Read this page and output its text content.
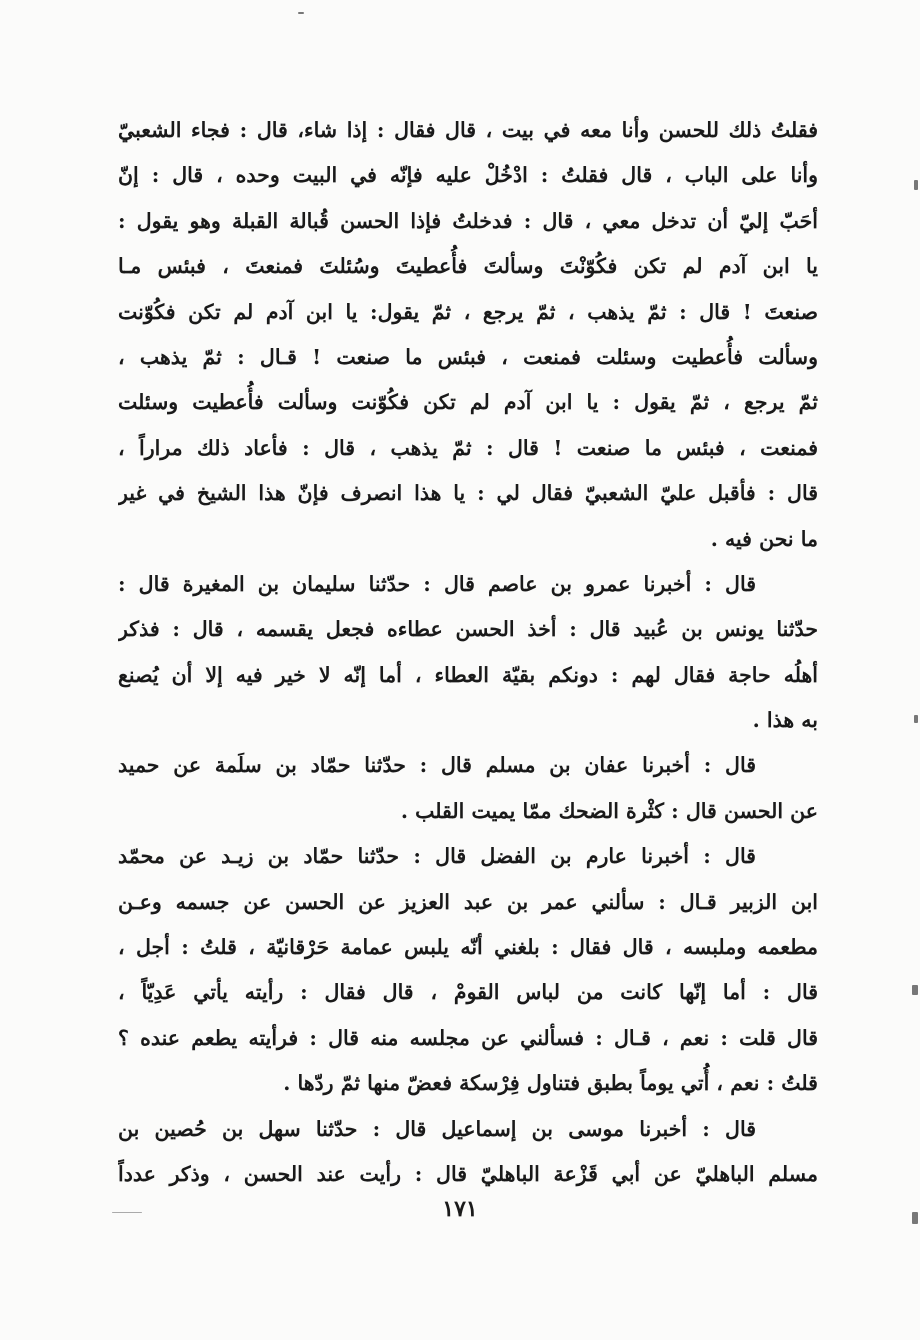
فقلتُ ذلك للحسن وأنا معه في بيت ، قال فقال : إذا شاء، قال : فجاء الشعبيّ
وأنا على الباب ، قال فقلتُ : ادْخُلْ عليه فإنّه في البيت وحده ، قال : إنّ
أحَبّ إليّ أن تدخل معي ، قال : فدخلتُ فإذا الحسن قُبالة القبلة وهو يقول :
يا ابن آدم لم تكن فكُوّنْتَ وسألتَ فأُعطيتَ وسُئلتَ فمنعتَ ، فبئس مـا
صنعتَ ! قال : ثمّ يذهب ، ثمّ يرجع ، ثمّ يقول: يا ابن آدم لم تكن فكُوّنت
وسألت فأُعطيت وسئلت فمنعت ، فبئس ما صنعت ! قـال : ثمّ يذهب ،
ثمّ يرجع ، ثمّ يقول : يا ابن آدم لم تكن فكُوّنت وسألت فأُعطيت وسئلت
فمنعت ، فبئس ما صنعت ! قال : ثمّ يذهب ، قال : فأعاد ذلك مراراً ،
قال : فأقبل عليّ الشعبيّ فقال لي : يا هذا انصرف فإنّ هذا الشيخ في غير
ما نحن فيه .
قال : أخبرنا عمرو بن عاصم قال : حدّثنا سليمان بن المغيرة قال :
حدّثنا يونس بن عُبيد قال : أخذ الحسن عطاءه فجعل يقسمه ، قال : فذكر
أهلُه حاجة فقال لهم : دونكم بقيّة العطاء ، أما إنّه لا خير فيه إلا أن يُصنع
به هذا .
قال : أخبرنا عفان بن مسلم قال : حدّثنا حمّاد بن سلَمة عن حميد
عن الحسن قال : كثْرة الضحك ممّا يميت القلب .
قال : أخبرنا عارم بن الفضل قال : حدّثنا حمّاد بن زيـد عن محمّد
ابن الزبير قـال : سألني عمر بن عبد العزيز عن الحسن عن جسمه وعـن
مطعمه وملبسه ، قال فقال : بلغني أنّه يلبس عمامة حَرْقانيّة ، قلتُ : أجل ،
قال : أما إنّها كانت من لباس القومْ ، قال فقال : رأيته يأتي عَدِيّاً ،
قال قلت : نعم ، قـال : فسألني عن مجلسه منه قال : فرأيته يطعم عنده ؟
قلتُ : نعم ، أُتي يوماً بطبق فتناول فِرْسكة فعضّ منها ثمّ ردّها .
قال : أخبرنا موسى بن إسماعيل قال : حدّثنا سهل بن حُصين بن
مسلم الباهليّ عن أبي قَزْعة الباهليّ قال : رأيت عند الحسن ، وذكر عدداً
١٧١
